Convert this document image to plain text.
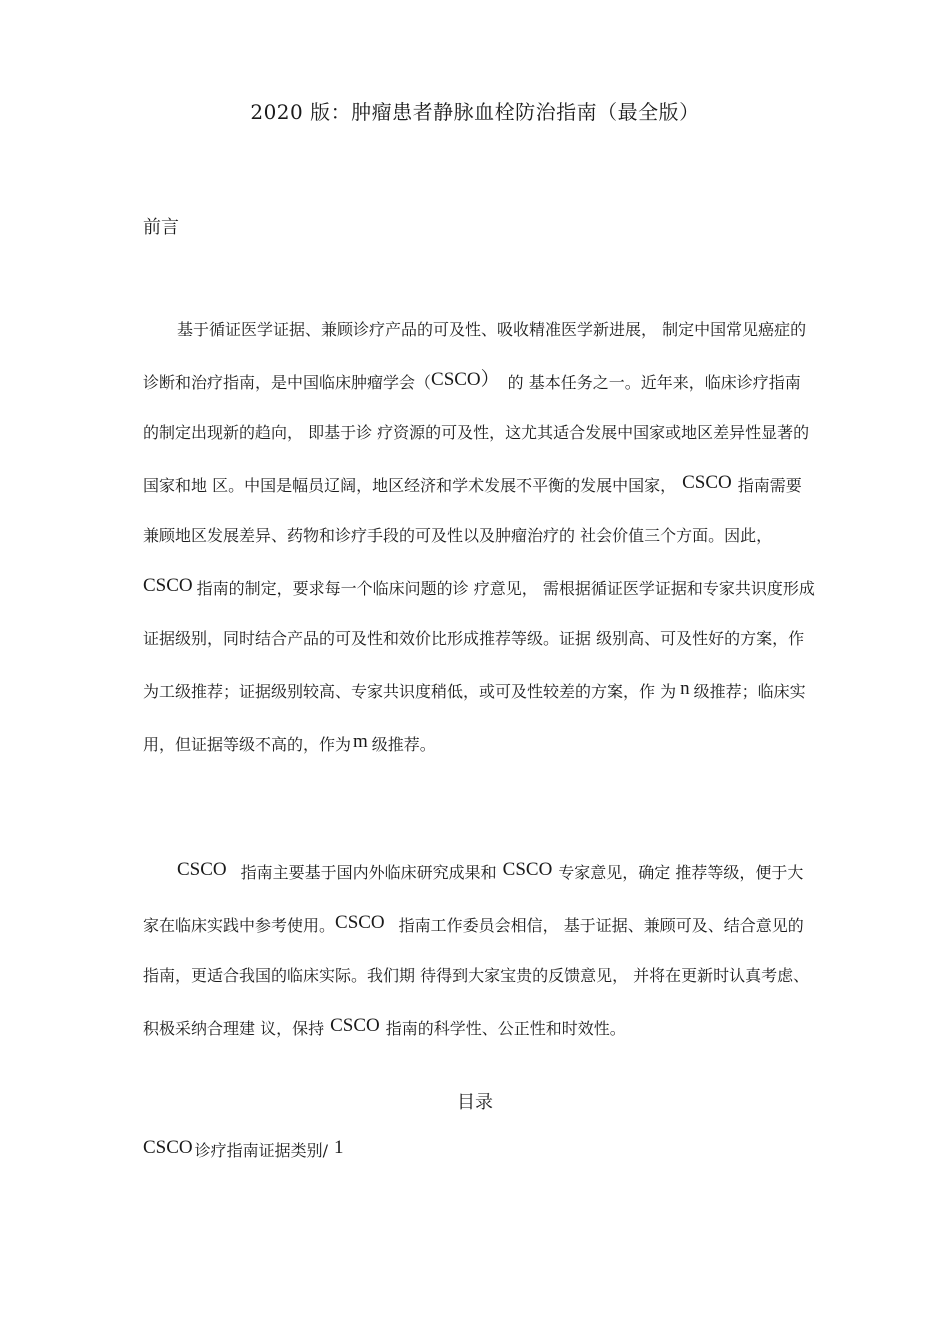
2020 版：肿瘤患者静脉血栓防治指南（最全版）
前言

基于循证医学证据、兼顾诊疗产品的可及性、吸收精准医学新进展， 制定中国常见癌症的诊断和治疗指南，是中国临床肿瘤学会（CSCO） 的 基本任务之一。近年来，临床诊疗指南的制定出现新的趋向， 即基于诊 疗资源的可及性，这尤其适合发展中国家或地区差异性显著的国家和地 区。中国是幅员辽阔，地区经济和学术发展不平衡的发展中国家， CSCO 指南需要兼顾地区发展差异、药物和诊疗手段的可及性以及肿瘤治疗的 社会价值三个方面。因此，CSCO 指南的制定，要求每一个临床问题的诊 疗意见， 需根据循证医学证据和专家共识度形成证据级别，同时结合产品的可及性和效价比形成推荐等级。证据 级别高、可及性好的方案，作 为工级推荐；证据级别较高、专家共识度稍低，或可及性较差的方案，作 为 n 级推荐；临床实用，但证据等级不高的，作为 m 级推荐。

CSCO 指南主要基于国内外临床研究成果和 CSCO 专家意见，确定 推荐等级，便于大家在临床实践中参考使用。CSCO 指南工作委员会相信， 基于证据、兼顾可及、结合意见的指南，更适合我国的临床实际。我们期 待得到大家宝贵的反馈意见， 并将在更新时认真考虑、积极采纳合理建 议，保持 CSCO 指南的科学性、公正性和时效性。

目录
CSCO 诊疗指南证据类别/ 1
